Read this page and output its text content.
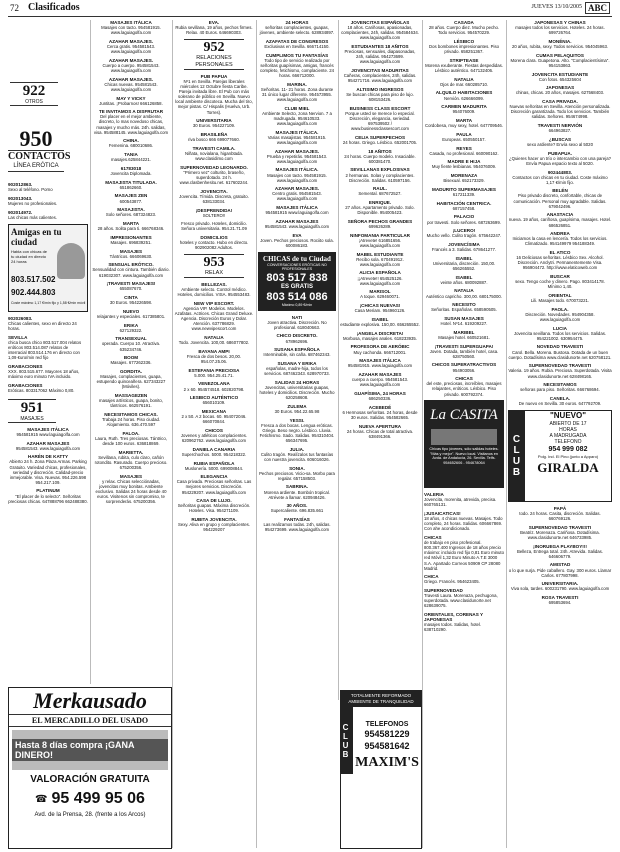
72 Clasificados	JUEVES 13/10/2005 ABC
922
OTROS
950
CONTACTOS
LÍNEA ERÓTICA
902012863.
Sexo al teléfono. Porno
902013043.
Mujeres no profesionales.
902014972.
Las chicas más calientes.
Amigas en tu ciudad
Habla con chicas de tu ciudad en directo 24 horas
803.517.502
902.444.803
Coste máximo 1,17 €/min fijo y 1,58 €/min móvil
902026083.
Chicas calientes, sexo en directo 24 horas.
SEVILLA
chica busca chico 803.517.004 relatos eróticos 803.514.087 relatos de interracial 803.514.176 en directo con 1,09 €uro/min red fijo
GRABACIONES
XXX. 803.515.677. Mayores 18 años, máximo euro minuto IVA incluido.
GRABACIONES
Eróticas. 803317062 Máximo 0,80.
951
MASAJES
MASAJES ITÁLICA
954581915 www.laguiagolfa.com
AZAHAR MASAJES
954581543. www.laguiagolfa.com
HARÉN DE KATTY
Abierto 24 h. Zona Plaza Armas. Parking Gratuito. Variedad chicas, profesionales, seriedad y discreción. Calidad-precio inmejorable. Visa. Nuevas. 954.226.598 954.217.109.
PLATINUM
"El placer de lo selecto". Señoritas preciosas chicas. 647888796 662488380.
Merkausado
EL MERCADILLO DEL USADO
Hasta 8 días compra ¡GANA DINERO!
VALORACIÓN GRATUITA
☎ 95 499 95 06
Avd. de la Prensa, 28. (frente a los Arcos)
MASAJES ITÁLICA
Masajes con tacto. 954581915. www.laguiagolfa.com
AZAHAR MASAJES.
Cerca gratis. 954581543. www.laguiagolfa.com
AZAHAR MASAJES.
Cuerpo a cuerpo. 954581543. www.laguiagolfa.com
AZAHAR MASAJES.
Chicas nuevas. 954581543. www.laguiagolfa.com
MAY Y VICKY
Juntitas. ¡Probarnos! 666126858.
TE INVITAMOS A DISFRUTAR
Del placer en el mejor ambiente, discreto, lo mas novedoso chicas, masajes y mucho más. 24h. salidas, visa. 954588145. www.laguiagolfa.com
CHINA.
Femenina. 680010686.
TANIA
masajes.625844221.
61783018
Jovencita Diplomada.
MASAJISTA TITULADA.
651862660.
MASAJES ZEN
600543877.
MASAJISTA.
Solo señores. 687324823.
MARTA
28 años. Solita para ti. 666768346.
IMPRESIONANTES
Masajes. 696839251.
MASAJES
Tántricos. 666069630.
SENSUAL ERÓTICO.
Sensualidad con cintura. También diario. 619032307. www.laguiagolfa.com
¡TRAVESTI MASAJES!
655087670.
CINTA
30 Euros. 954226598.
NUEVO
relajantes y especiales. 617385801.
ERIKA
627129322.
TRANSEXUAL
operada. Cuerpo 10. Atractiva. 635234746.
BOOM
Masajes. 677262336.
GORDITA.
Masajes, complacientes, guapa, estupendo quinceañera. 627343227 (Móviles).
MASSAGEZEN
masajes artísticos, guapa, bonito, tántricos. 662576191.
NECESITAMOS CHICAS.
Trabaja 24 horas. Piso ciudad. Alojamiento. 636.470.597
PALOA.
Laura, Ruth. Tres preciosas. Tántrico, desde 100 euros. 636818869.
MARIETTA.
Sevillana, rubita, culo claro, cañón rotondito. Rasurado. Cuerpo precioso. 675200356.
MASAJES
y relax. Chicas selecciónadas, jovencitas muy bonitas. Ambiente exclusivo. Salidas 24 horas desde 40 euros. Visitenos sin compromiso, te sorprenderás. 675200356.
EVA.
Rubia sevillana, 19 años, pechos firmes. Relax. 40 Euros. 646690303.
952
RELACIONES PERSONALES
PUB PAPUA
Nº1 en Sevilla. Parejas liberales miércoles 12 Octubre fiesta Caribe. Pareja invitada libre. El Pub con más solerano de público en Sevilla. Nuevo local ambiente discoteca. Mucha del tiro, mejor pistas. C/ Hispalis (Huelva, Urb. Torres).
UNIVERSITARIA
30 Euros. 954227109.
BRASILEÑA
riva bosco 666 699077660.
TRAVESTI CAMILA.
Niñata, novialana, higanbtada. www.clasidimo.com
SUPERNOVEDAD LEONARDO.
"Primero vez" colturito, braseño, superdotado. 24 h. www.clasbenhesitu.net. 617602244.
JOVENCITA.
Jovencita. Tímida. Discreta, gratuito. 638133034.
¡DESPRENDIDA!
SOLTERO!!
Fresco privado. Hoteles, domicilio. Señora universitaria. 954.21.71.09
DOMICILIOS
hoteles y contacto. Hubo en directo. 902902082 Adultos.
953
RELAX
BELLEZAS.
Ambiente selecto. Control médico. Hoteles, domicilios. VISA. 954553483.
NEW VIP ESCORT.
Agencia VIP. Modelos. Modelos. Azafatas. Actrices. Chicas Grand Deluxe. Agencia. Discreción Euros y Dolar. Atención. 637786829. www.newvipescort.com
NATALIA
Todo. Jovencita. 100,00. 686077802.
BAYANA AMPI
Fresca de dos besos. 20,00. 954.07.25.06.
ESTEFANIA PRECIOSA
5.000. 954.25.41.71.
VENEZOLANA
2 x 60. 954574518. 602820798.
LESBICO AUTÉNTICO
656010109.
MEXICANA
2 x 50. A 2 bocas. 60. 954072046. 666070844.
CHICOS
Jovenes y atléticos complacientes. 620962762. www.laguiagolfa.com
DANIELA CANARIA
Superchochos. 5000. 954218322.
RUBIA ESPAÑOLA
Muslonería. 5000. 699008844.
ELEGANCIA
Casa privada. Preciosas señoritas. Las mejores servicios. Discreción. 954229207. www.laguiagolfa.com
CASA DE LUJO.
Señoritas guapas. Máxima discreción. Hoteles. Visa. 954271109.
RUBITA JOVENCITA.
Sexy. Aliva en grupo y complacientes. 954229207
24 HORAS
señoritas complacientes, guapas, jóvenes, ambiente selecto. 628934897.
AZAFATAS DE CONGRESOS
Exclusivas en Sevilla. 666714150.
CUMPLIMOS TU FANTASÍAS
Todo tipo de servicio realizado por señoritas guapísimas, amigas, francés completo, fetichismo, complaciente. 24 horas. 666712000.
MARINA.
Señoritas. 11- 21 horas. Zona durante 31 único lugar diferente. 954573955. www.laguiagolfa.com
CLUB MIEL
Ambiente Selecto, zona Nervion. 7 a madrugada. 954610533. www.laguiagolfa.com
MASAJES ITÁLICA.
Varias masajistas. 954581915. www.laguiagolfa.com
AZAHAR MASAJES.
Prueba y repetirás. 954581543. www.laguiagolfa.com
MASAJES ITÁLICA.
Masajes con tacto. 954581915. www.laguiagolfa.com
AZAHAR MASAJES.
Centro gratis. 954581543. www.laguiagolfa.com
MASAJES ITÁLICA
954581915 www.laguiagolfa.com
AZAHAR MASAJES
954581543. www.laguiagolfa.com
EVA
Joven. Pechos preciosos. Rociito sola. 600086183.
CHICAS de tu Ciudad
CONVERSACIONES ERÓTICAS NO PROFESIONALES
803 517 838
ES GRATIS
803 514 086
Máximo 0,89 €/min
NATI
Joven atractiva. Discreción. No profesional. 618040663.
CHICO DISCRETO.
678962696.
SUSANA ESPAÑOLA
Interminable, sin caña. 687462343.
SUSANA Y ERIKA
españolas, madre-hija, todos los servicios. 687462343. 628970733.
SALIDAS 24 HORAS
Jovencitas, universitarias guapas, hoteles y domicilios. Discreción. Mucho 620258608.
ZULEMA
30 Euros. 954.22.65.98
YESSI.
Fresca a dos bocas. Lengua eróticas. Griego. Beso negro. Lésbico. Lluvia. Fetichismo. Sado. Salidas. 954310404. 656347695.
JULIA.
Culito tragón. Realízalos tus fantasías con nuestra jovencita. 606016026.
SONIA.
Pechos preciosos. Vicio-sa. Morbo para regalar. 657158503.
SABRINA.
Morena ardiente. Bombón tropical. Atrévete a llamar. 620948426.
30 AÑOS.
Supercaliente. 696.835.661
FANTASÍAS
Las realizamos todas. 24h, salidas. 954273699. www.laguiagolfa.com
JOVENCITAS ESPAÑOLAS
18 años. Cariñosas, apasionadas, complacientes, 24h, salidas. 954584634. www.laguiagolfa.com
ESTUDIANTES 18 AÑITOS
Preciosas, sensuales, diapasonadas, 24h, salidas. 954273699. www.laguiagolfa.com
JOVENCITAS MADURITAS
Cañeras, complacientes, 24h, salidas. 954271716. www.laguiagolfa.com
ALTISIMO INGRESOS
Se buscan chicas para piso de lujo. 608153426.
BUSINESS CLASS ESCORT
Porque usted se merece lo especial. Discreción, elegancia, seriedad. 697539502 / www.businessclassescort.com
CELIA SUPERPECHOS
24 horas. Griego. Lésbico. 652001705.
18 AÑITOS
24 horas. Cuerpo modelo. Insaciable. 600381470.
SEVILLANAS EXPLOSIVAS
2 hermanas. Solas y complacientes. Discreción. Salidas. 610597156.
RAUL.
Semental. 687672527.
ENRIQUE.
27 años. Apartamento privado. Solo. Disponible. 954005423.
SEÑORA PECHOS GRANDES
699626289.
NINFOMANIA PARTICULAR
¡Atrevete! 616851656. www.laguiagolfa.com
MABEL ESTUDIANTE
Recibo sola. 670491912. www.laguiagolfa.com
ALICIA ESPAÑOLA
¡¡Atrevete!! 654525126. www.laguiagolfa.com
MARISOL
A toque. 629460071.
¡CHICAS NUEVAS!
Casa Meriam. 954960126.
ISABEL
estudiante explosiva. 150,00. 656265552.
¡ANGELA DISCRETA!
Morbosa, masajes anales. 618233935.
PROFESORA DE AERÓBIC
Muy cachonda. 666712001.
MASAJES ITÁLICA
954581915. www.laguiagolfa.com
AZAHAR MASAJES
cuerpo a cuerpo. 954581543. www.laguiagolfa.com
GUAPÍSIMA, 24 HORAS
686250336.
ACEBEDÉ
6 Hermosas señoritas. 24 horas, desde 30 euros. Salidas. 954582665.
NUEVA APERTURA
24 horas. Chicas de total atractiva. 638491366.
TOTALMENTE REFORMADO AMBIENTE DE TRANQUILIDAD
CLUB	TELEFONOS
954581229
954581642
MAXIM'S
CASADA
28 años. Cuerpo diez. Mucho pecho. Todo servicios. 954570229.
LÉSBICO
Dos bombones impresionantes. Piso privado. 658251367.
STRIPTEASE
Morena exuberante. Fiestas despedidas. Lésbico auténtico. 647132406.
NATALIA
Ojos de mar. 660285710.
ALQUILO HABITACIONES
Nervión. 626666099.
CARMEN MADURITA
954076009.
MARTA
Cordobesa, muy sexy, hotel. 647709546.
PAULA
Europeas. 650550157.
REYES
Casada, no profesional. 660090162.
MADRE E HIJA
Muy fiente lesbianas. 954076009.
MORENAZA
Bisexual. 652173329.
MADURITO SUPERMASAJES
617211339.
HABITACIÓN CENTRICA.
687157458.
PALACIO
por travesti. Solo señores. 687263699.
¡LUCERO!
Mucho vello. Culito tragón. 675642247.
JOVENCÍSIMA
Francés a 3. Salidas. 678641277.
ISABEL
Universitaria, discreción. 150,00. 656265552.
ISABEL
veinte años. 680092887.
NATALIA
Auténtico capricho. 300,00. 680175000.
NECESITO
Señoritas. Españolas. 658590505.
SUSAN MASAJES
Hotel. Nº14. 619209227.
MARIBEL
Masajes hotel. 660521681.
¡TRAVESTI SUPERGUAPA!
Joven. Dotada, también hotel, casa. 628750560.
CHICOS SUPERATRACTIVOS
954903056.
CHICAS
del este, preciosas, increíbles, masajes relajantes, eróticos. Lésbico. Piso privado. 600792374.
La CASITA
Chicas tipo jóvenes, sólo salidas hoteles. "Más y mejor". Nuevo local. Visitanos en Avda. de Andalucía, 26. Sevilla. Telfs. 954652606 - 954678064
VALERIA
Jovencita, morenita, atrevida, precisa. 660765131.
¡JUSAICATICAS!
18 años, 4 chicas nuevas. Masajes. Todo completo, 24 horas. Salidas. 606667869. Con ahe acondicionado.
CHICAS
de trabajo en piso profesional. 800.367.400 Ingresos de 18 años precio máximo: incluido red fijo 0,81 Euro minuto red Móvil 1,32 Euro Minuto A.T.E 3000 S.A. Apartado Correos 50909 CP 28080 Madrid.
CHICA
Griego. Francés. 954623405.
SUPERNOVEDAD
Travesti Laura. Morenaza, pechugona, superdotada. www.clasidunorte.net 628639075.
ORIENTALES, CORENAS Y JAPONESAS
masajes todos. Salidas, hotel. 638710290.
JAPONESAS Y CHINAS
masajes todos los servicios. Hoteles. 24 horas. 699726764.
MONÉNIA.
20 años, rubita, sexy. Todos servicios. 954045963.
CUMAS PELAQUITOS
Morena clara. Guapetona. Alto. "Complacientísima". 954153863.
JOVENCITA ESTUDIANTE
Con fotos. 654325604
JAPONESAS
chinas, chicas. 20 años, masajes. 627568403.
CASA PRIVADA.
Nuevas señoritas en Sevilla. Atención personalizada. Discreción garantizada. Todo los servicios. También salidas. Señores. 954674998.
TRAVESTI NERVIÓN
664963827.
¿BUSCAS
sexo ardiente? Envía sexo al 5020
PUBAPUA.
¿Quieres hacer un trío o intercambio con una pareja? Envía Papua espacio texto al 5020.
902444803.
Contactos con chicas en tu ciudad. Coste máximo 1,17 €/min fijo.
BELÉN
Piso privado discreto, confortable, chicas de comunicación. Personal muy agradable. Salidas. 679042496.
ANASTACIA
nueva. 19 años, cariñosa, guapísima, masajes. Hotel. 686526851.
ANDREA
Iniciamos la casa en lencería. Todos los servicios. Climatizado. 954149979 954188349.
EL ATICO
16 Deliciosas señoritas. Lésbico Sex. Alcohol. Discreción. Anclytri. Permanentemente Visa. 956904472. http://www.elaticoweb.com
BUSCAR
sexo. Tengo coche y dinero. Pago. 803414178. Mínimo 1,40.
ORIENTAL
Lili. Masajes todo. 670073221.
PAOLA.
Discreción. Novedades. 954904358. www.laguiagolfa.com
LUCIA
Jovencita sevillana. Todos los servicios. Salidas. 954221002. 630954475.
NOVEDAD TRAVESTI
Carol. Bella. Morena. Bustosa. Dotada de un buen cuerpo. Dotadísima www.clasidunorte.net 620758121.
SUPERNOVEDAD TRAVESTI
Valeria. 19 años. Rubia. Preciosa. Superdotada. Visita www.clasidunorte.net 628498165.
NECESITAMOS
señoras para piso. Señoritas. 666768694.
CANELA.
De nuevo en Sevilla. 30 euros. 647792709.
CLUB
"NUEVO"
ABIERTO DE 17
HORAS
A MADRUGADA
TELEFONO
954 999 082
Polg. Ind. El Pino (junto a Apparo)
GIRALDA
PAPÁ
todo. 24 horas. Casita, discreción. Salidas. 660769126.
SUPERNOVEDAD TRAVESTI
Beatriz. Morenaza. Cariñosa. Dotadísima. www.clasidunorte.net 646733985.
¡INORUEGA PLAYBOY!!!
Belleza, Entrega total. 24h. Atrevida. Salidas. 646606779.
AMISTAD
o lo que surja. Pide caballero. Gay. 300 euros. Llamar Carlos. 677807998.
UNIVERSITARIA.
Viva sola, tardes. 600231790. www.laguiagolfa.com
ROSA TRAVESTI
695853694.
